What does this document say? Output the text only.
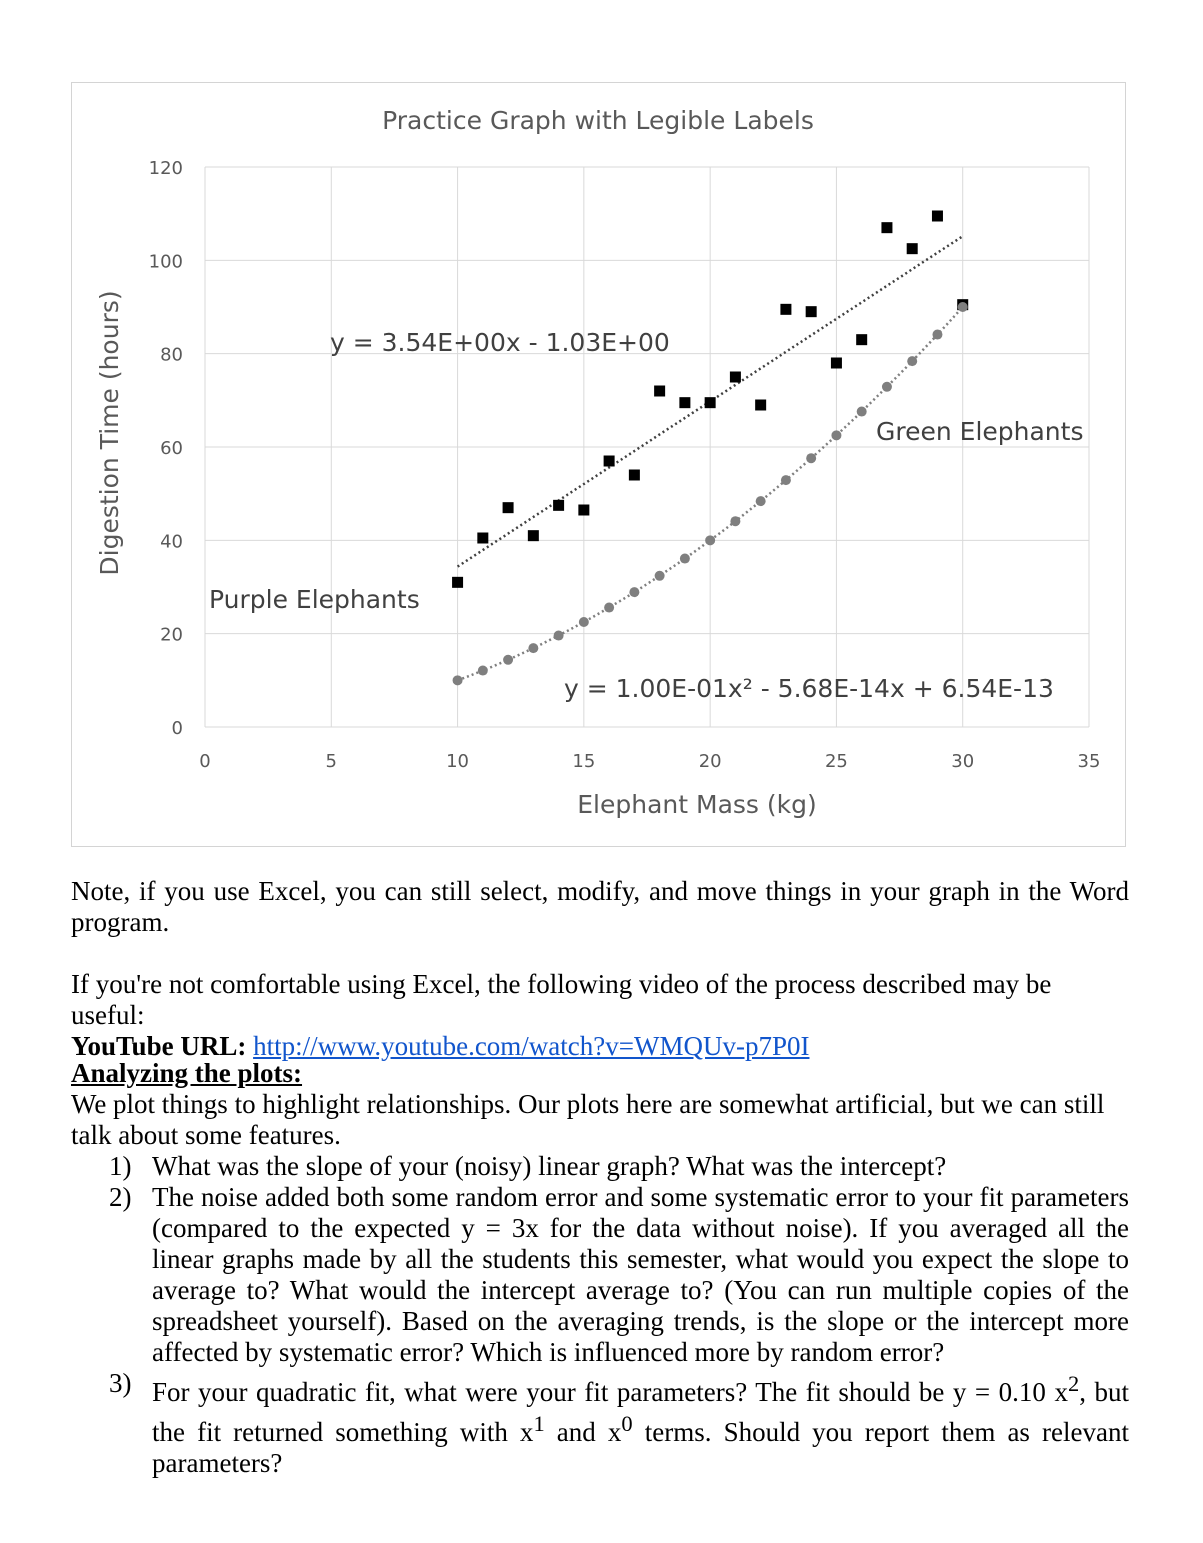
0	5	10	15	20	25	30	35
0
20
40
60
80
100
120
Practice Graph with Legible Labels
Elephant Mass (kg)
Digestion Time (hours)	y = 3.54E+00x - 1.03E+00
y = 1.00E-01x² - 5.68E-14x + 6.54E-13
Purple Elephants
Green Elephants
Note, if you use Excel, you can still select, modify, and move things in your graph in the Word program.
If you're not comfortable using Excel, the following video of the process described may be useful:
YouTube URL: http://www.youtube.com/watch?v=WMQUv-p7P0I
Analyzing the plots:
We plot things to highlight relationships. Our plots here are somewhat artificial, but we can still talk about some features.
1) What was the slope of your (noisy) linear graph? What was the intercept?
2) The noise added both some random error and some systematic error to your fit parameters (compared to the expected y = 3x for the data without noise). If you averaged all the linear graphs made by all the students this semester, what would you expect the slope to average to? What would the intercept average to? (You can run multiple copies of the spreadsheet yourself). Based on the averaging trends, is the slope or the intercept more affected by systematic error? Which is influenced more by random error?
3) For your quadratic fit, what were your fit parameters? The fit should be y = 0.10 $x^2$, but the fit returned something with $x^1$ and $x^0$ terms. Should you report them as relevant parameters?
